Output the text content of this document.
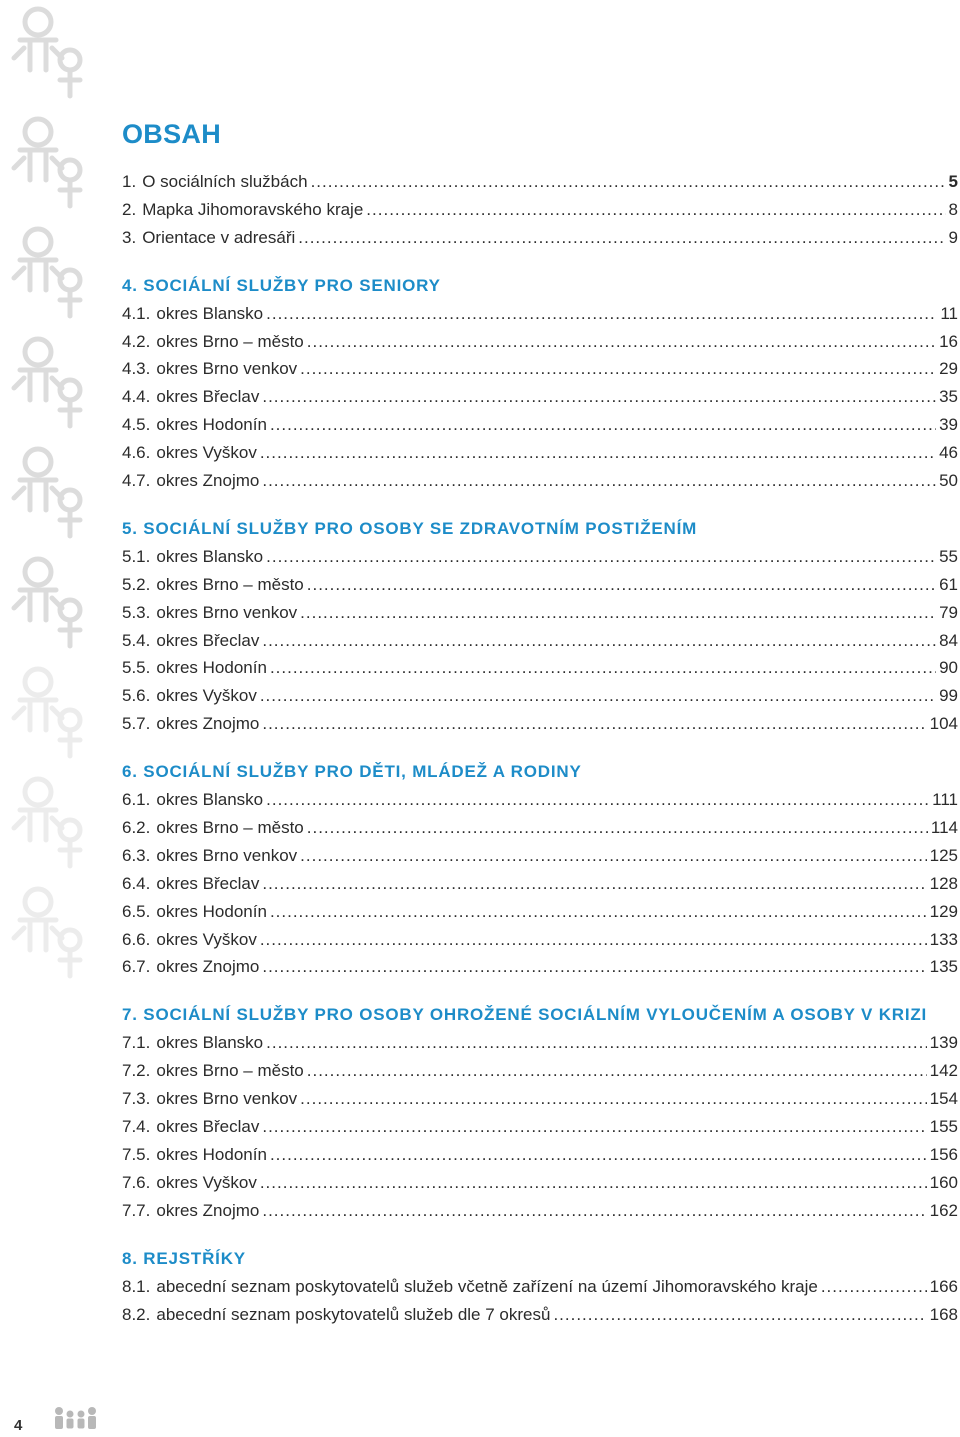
OBSAH
1. O sociálních službách .....	5
2. Mapka Jihomoravského kraje .....	8
3. Orientace v adresáři .....	9
4. SOCIÁLNÍ SLUŽBY PRO SENIORY
4.1. okres Blansko .....	11
4.2. okres Brno – město .....	16
4.3. okres Brno venkov .....	29
4.4. okres Břeclav .....	35
4.5. okres Hodonín .....	39
4.6. okres Vyškov .....	46
4.7. okres Znojmo .....	50
5. SOCIÁLNÍ SLUŽBY PRO OSOBY SE ZDRAVOTNÍM POSTIŽENÍM
5.1. okres Blansko .....	55
5.2. okres Brno – město .....	61
5.3. okres Brno venkov .....	79
5.4. okres Břeclav .....	84
5.5. okres Hodonín .....	90
5.6. okres Vyškov .....	99
5.7. okres Znojmo .....	104
6. SOCIÁLNÍ SLUŽBY PRO DĚTI, MLÁDEŽ A RODINY
6.1. okres Blansko .....	111
6.2. okres Brno – město .....	114
6.3. okres Brno venkov .....	125
6.4. okres Břeclav .....	128
6.5. okres Hodonín .....	129
6.6. okres Vyškov .....	133
6.7. okres Znojmo .....	135
7. SOCIÁLNÍ SLUŽBY PRO OSOBY OHROŽENÉ SOCIÁLNÍM VYLOUČENÍM A OSOBY V KRIZI
7.1. okres Blansko .....	139
7.2. okres Brno – město .....	142
7.3. okres Brno venkov .....	154
7.4. okres Břeclav .....	155
7.5. okres Hodonín .....	156
7.6. okres Vyškov .....	160
7.7. okres Znojmo .....	162
8. REJSTŘÍKY
8.1. abecední seznam poskytovatelů služeb včetně zařízení na území Jihomoravského kraje .....	166
8.2. abecední seznam poskytovatelů služeb dle 7 okresů .....	168
4
